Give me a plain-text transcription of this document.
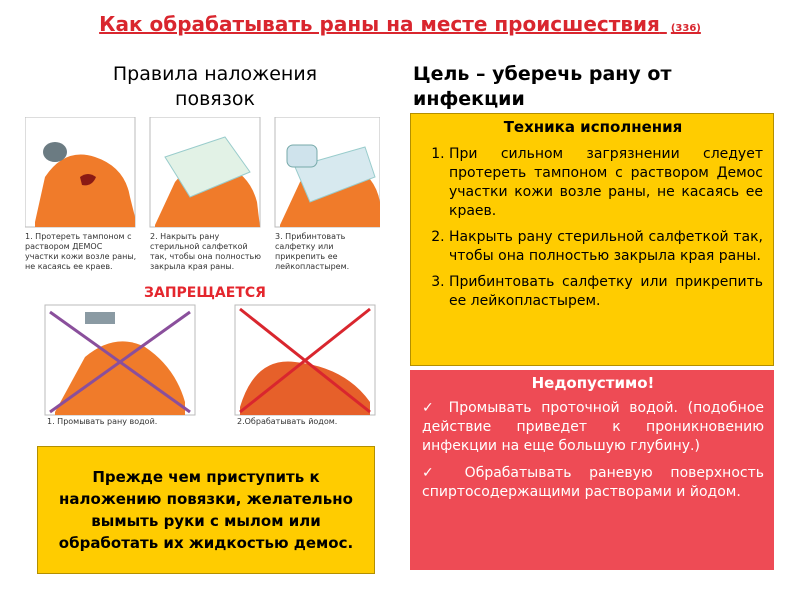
Как обрабатывать раны на месте происшествия (336)
Правила наложения повязок
Цель – уберечь рану от инфекции
1. Протереть тампоном с раствором ДЕМОС участки кожи возле раны, не касаясь ее краев.
2. Накрыть рану стерильной салфеткой так, чтобы она полностью закрыла края раны.
3. Прибинтовать салфетку или прикрепить ее лейкопластырем.
ЗАПРЕЩАЕТСЯ
1. Промывать рану водой.	2.Обрабатывать йодом.
Техника исполнения
1. При сильном загрязнении следует протереть тампоном с раствором Демос участки кожи возле раны, не касаясь ее краев.
2. Накрыть рану стерильной салфеткой так, чтобы она полностью закрыла края раны.
3. Прибинтовать салфетку или прикрепить ее лейкопластырем.
Недопустимо!

✓ Промывать проточной водой. (подобное действие приведет к проникновению инфекции на еще большую глубину.)

✓ Обрабатывать раневую поверхность спиртосодержащими растворами и йодом.

Прежде чем приступить к наложению повязки, желательно вымыть руки с мылом или обработать их жидкостью демос.
